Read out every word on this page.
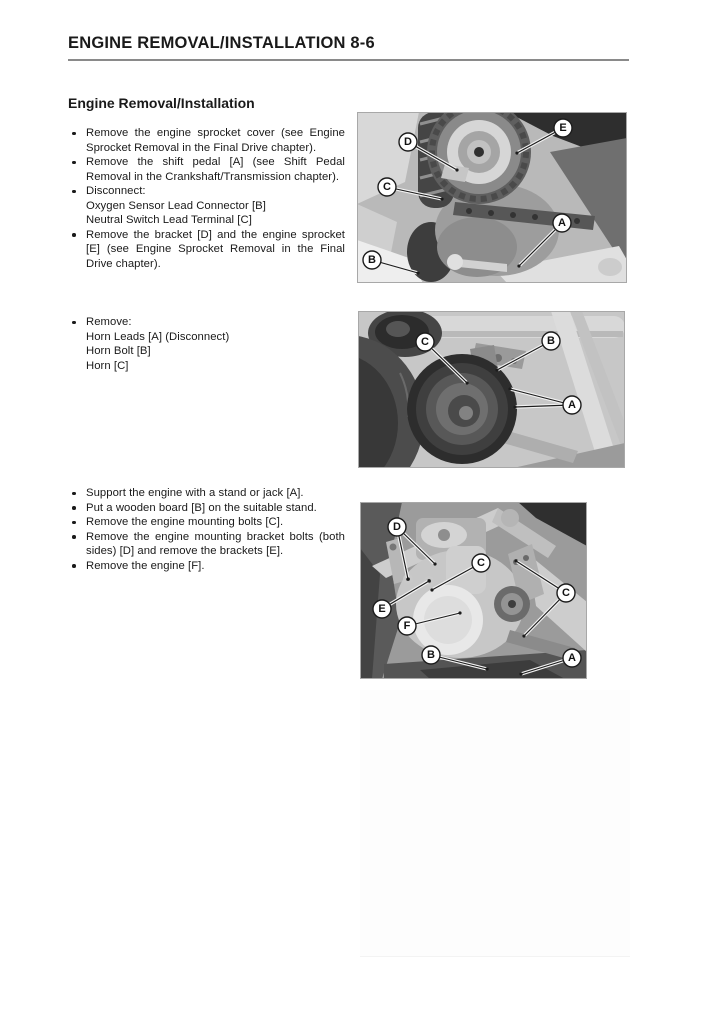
ENGINE REMOVAL/INSTALLATION 8-6
Engine Removal/Installation
Remove the engine sprocket cover (see Engine Sprocket Removal in the Final Drive chapter).
Remove the shift pedal [A] (see Shift Pedal Removal in the Crankshaft/Transmission chapter).
Disconnect:
Oxygen Sensor Lead Connector [B]
Neutral Switch Lead Terminal [C]
Remove the bracket [D] and the engine sprocket [E] (see Engine Sprocket Removal in the Final Drive chapter).
Remove:
Horn Leads [A] (Disconnect)
Horn Bolt [B]
Horn [C]
Support the engine with a stand or jack [A].
Put a wooden board [B] on the suitable stand.
Remove the engine mounting bolts [C].
Remove the engine mounting bracket bolts (both sides) [D] and remove the brackets [E].
Remove the engine [F].
D
E
C
B
A
C	B
A
D
C
C
E
F
B	A
